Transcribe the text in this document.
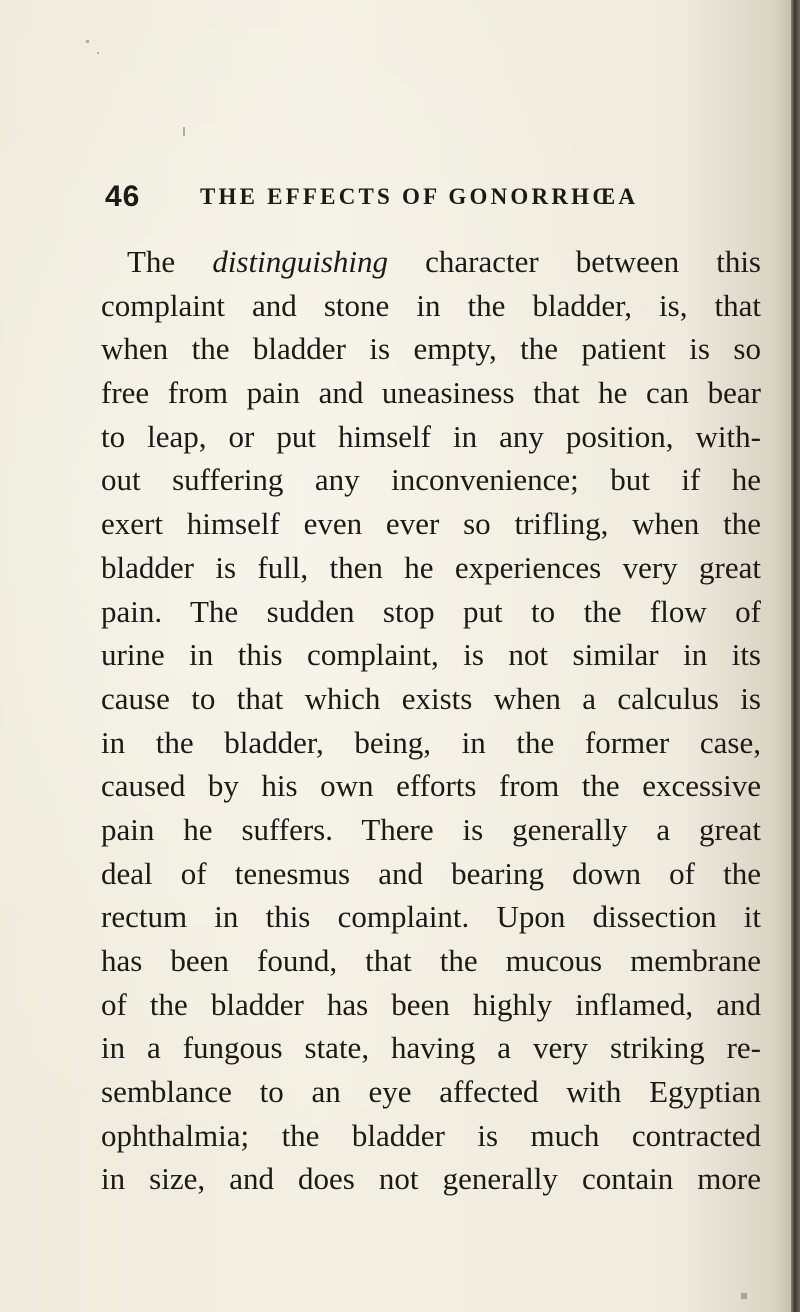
46	THE EFFECTS OF GONORRHŒA
The distinguishing character between this
complaint and stone in the bladder, is, that
when the bladder is empty, the patient is so
free from pain and uneasiness that he can bear
to leap, or put himself in any position, with-
out suffering any inconvenience; but if he
exert himself even ever so trifling, when the
bladder is full, then he experiences very great
pain. The sudden stop put to the flow of
urine in this complaint, is not similar in its
cause to that which exists when a calculus is
in the bladder, being, in the former case,
caused by his own efforts from the excessive
pain he suffers. There is generally a great
deal of tenesmus and bearing down of the
rectum in this complaint. Upon dissection it
has been found, that the mucous membrane
of the bladder has been highly inflamed, and
in a fungous state, having a very striking re-
semblance to an eye affected with Egyptian
ophthalmia; the bladder is much contracted
in size, and does not generally contain more
